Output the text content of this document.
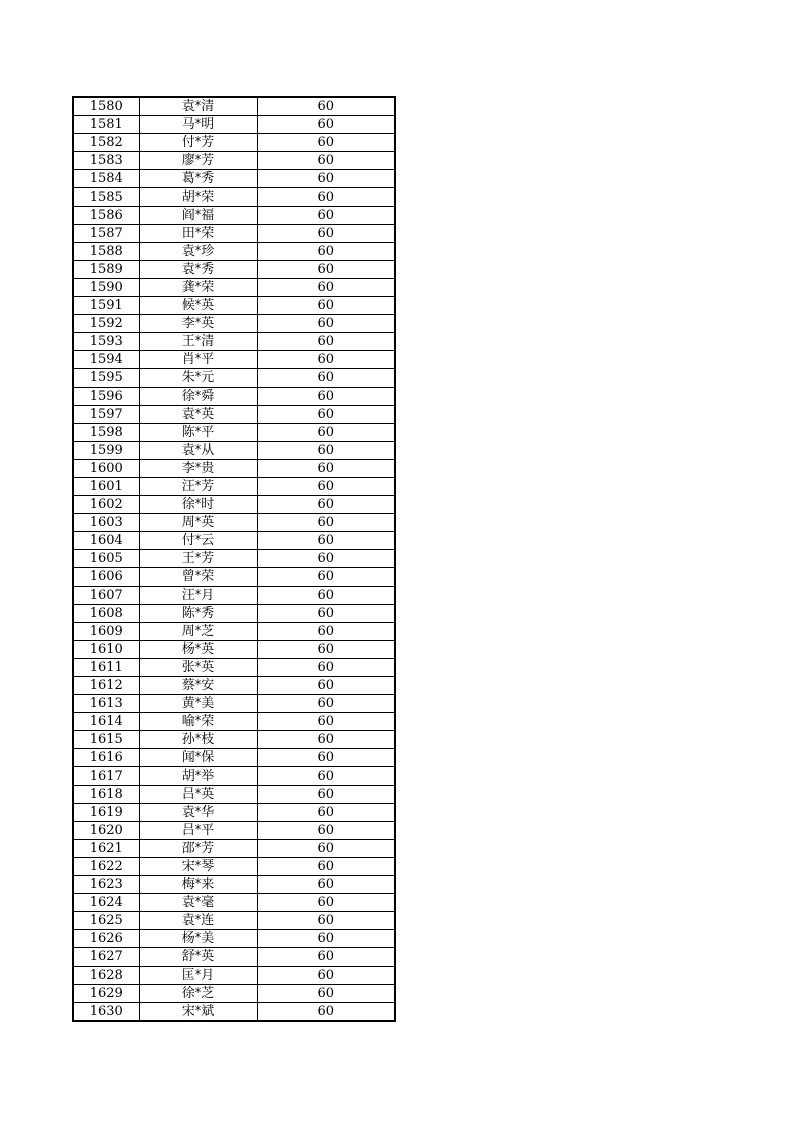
1580	袁*清	60
1581	马*明	60
1582	付*芳	60
1583	廖*芳	60
1584	葛*秀	60
1585	胡*荣	60
1586	阎*福	60
1587	田*荣	60
1588	袁*珍	60
1589	袁*秀	60
1590	龚*荣	60
1591	候*英	60
1592	李*英	60
1593	王*清	60
1594	肖*平	60
1595	朱*元	60
1596	徐*舜	60
1597	袁*英	60
1598	陈*平	60
1599	袁*从	60
1600	李*贵	60
1601	汪*芳	60
1602	徐*时	60
1603	周*英	60
1604	付*云	60
1605	王*芳	60
1606	曾*荣	60
1607	汪*月	60
1608	陈*秀	60
1609	周*芝	60
1610	杨*英	60
1611	张*英	60
1612	蔡*安	60
1613	黄*美	60
1614	喻*荣	60
1615	孙*枝	60
1616	闻*保	60
1617	胡*举	60
1618	吕*英	60
1619	袁*华	60
1620	吕*平	60
1621	邵*芳	60
1622	宋*琴	60
1623	梅*来	60
1624	袁*毫	60
1625	袁*连	60
1626	杨*美	60
1627	舒*英	60
1628	匡*月	60
1629	徐*芝	60
1630	宋*斌	60
